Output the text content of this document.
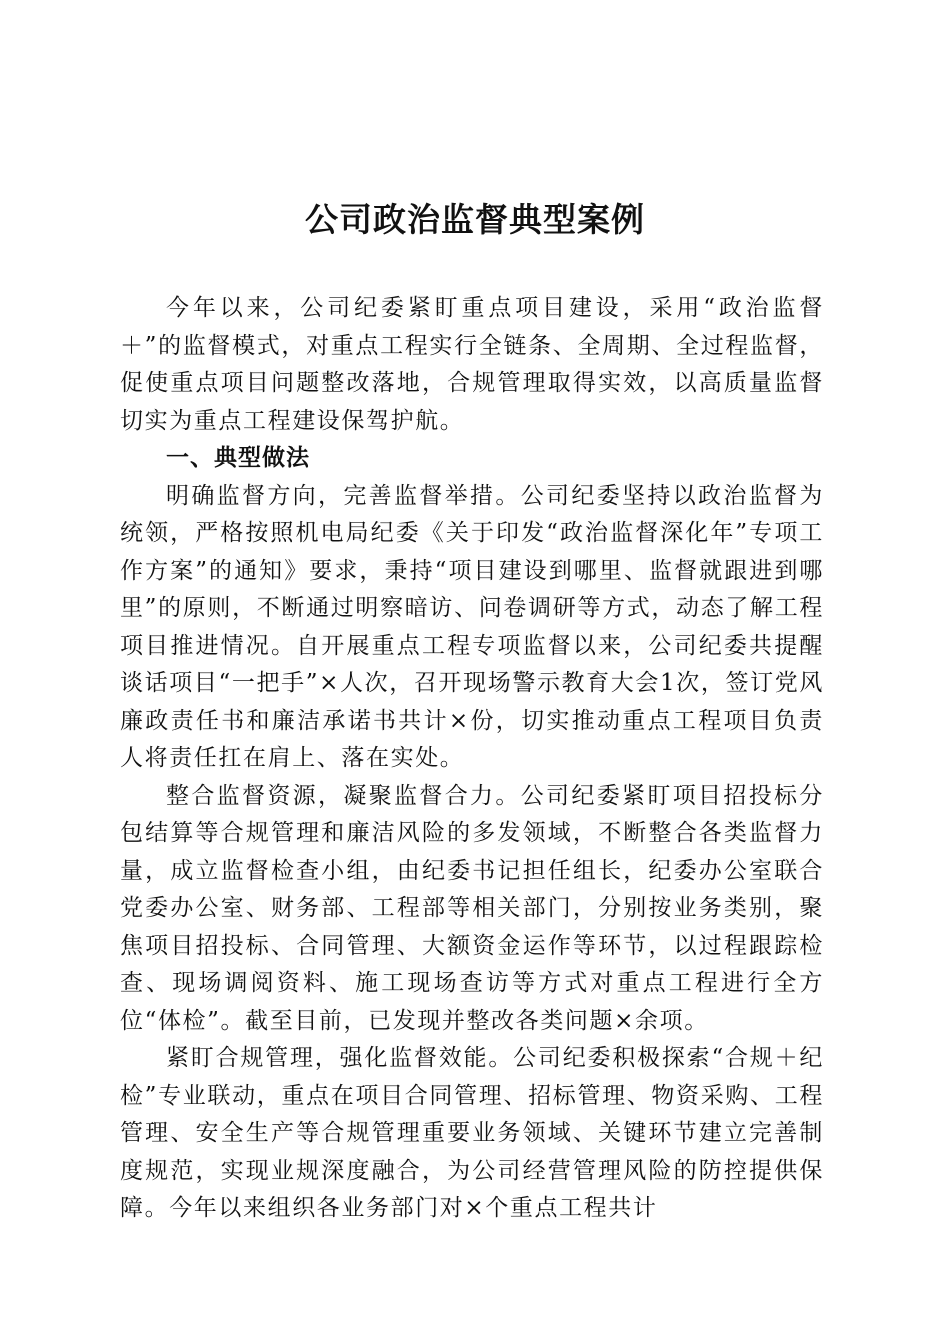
公司政治监督典型案例

今年以来，公司纪委紧盯重点项目建设，采用“政治监督＋”的监督模式，对重点工程实行全链条、全周期、全过程监督，促使重点项目问题整改落地，合规管理取得实效，以高质量监督切实为重点工程建设保驾护航。

一、典型做法

明确监督方向，完善监督举措。公司纪委坚持以政治监督为统领，严格按照机电局纪委《关于印发“政治监督深化年”专项工作方案”的通知》要求，秉持“项目建设到哪里、监督就跟进到哪里”的原则，不断通过明察暗访、问卷调研等方式，动态了解工程项目推进情况。自开展重点工程专项监督以来，公司纪委共提醒谈话项目“一把手”×人次，召开现场警示教育大会1次，签订党风廉政责任书和廉洁承诺书共计×份，切实推动重点工程项目负责人将责任扛在肩上、落在实处。

整合监督资源，凝聚监督合力。公司纪委紧盯项目招投标分包结算等合规管理和廉洁风险的多发领域，不断整合各类监督力量，成立监督检查小组，由纪委书记担任组长，纪委办公室联合党委办公室、财务部、工程部等相关部门，分别按业务类别，聚焦项目招投标、合同管理、大额资金运作等环节，以过程跟踪检查、现场调阅资料、施工现场查访等方式对重点工程进行全方位“体检”。截至目前，已发现并整改各类问题×余项。

紧盯合规管理，强化监督效能。公司纪委积极探索“合规＋纪检”专业联动，重点在项目合同管理、招标管理、物资采购、工程管理、安全生产等合规管理重要业务领域、关键环节建立完善制度规范，实现业规深度融合，为公司经营管理风险的防控提供保障。今年以来组织各业务部门对×个重点工程共计
